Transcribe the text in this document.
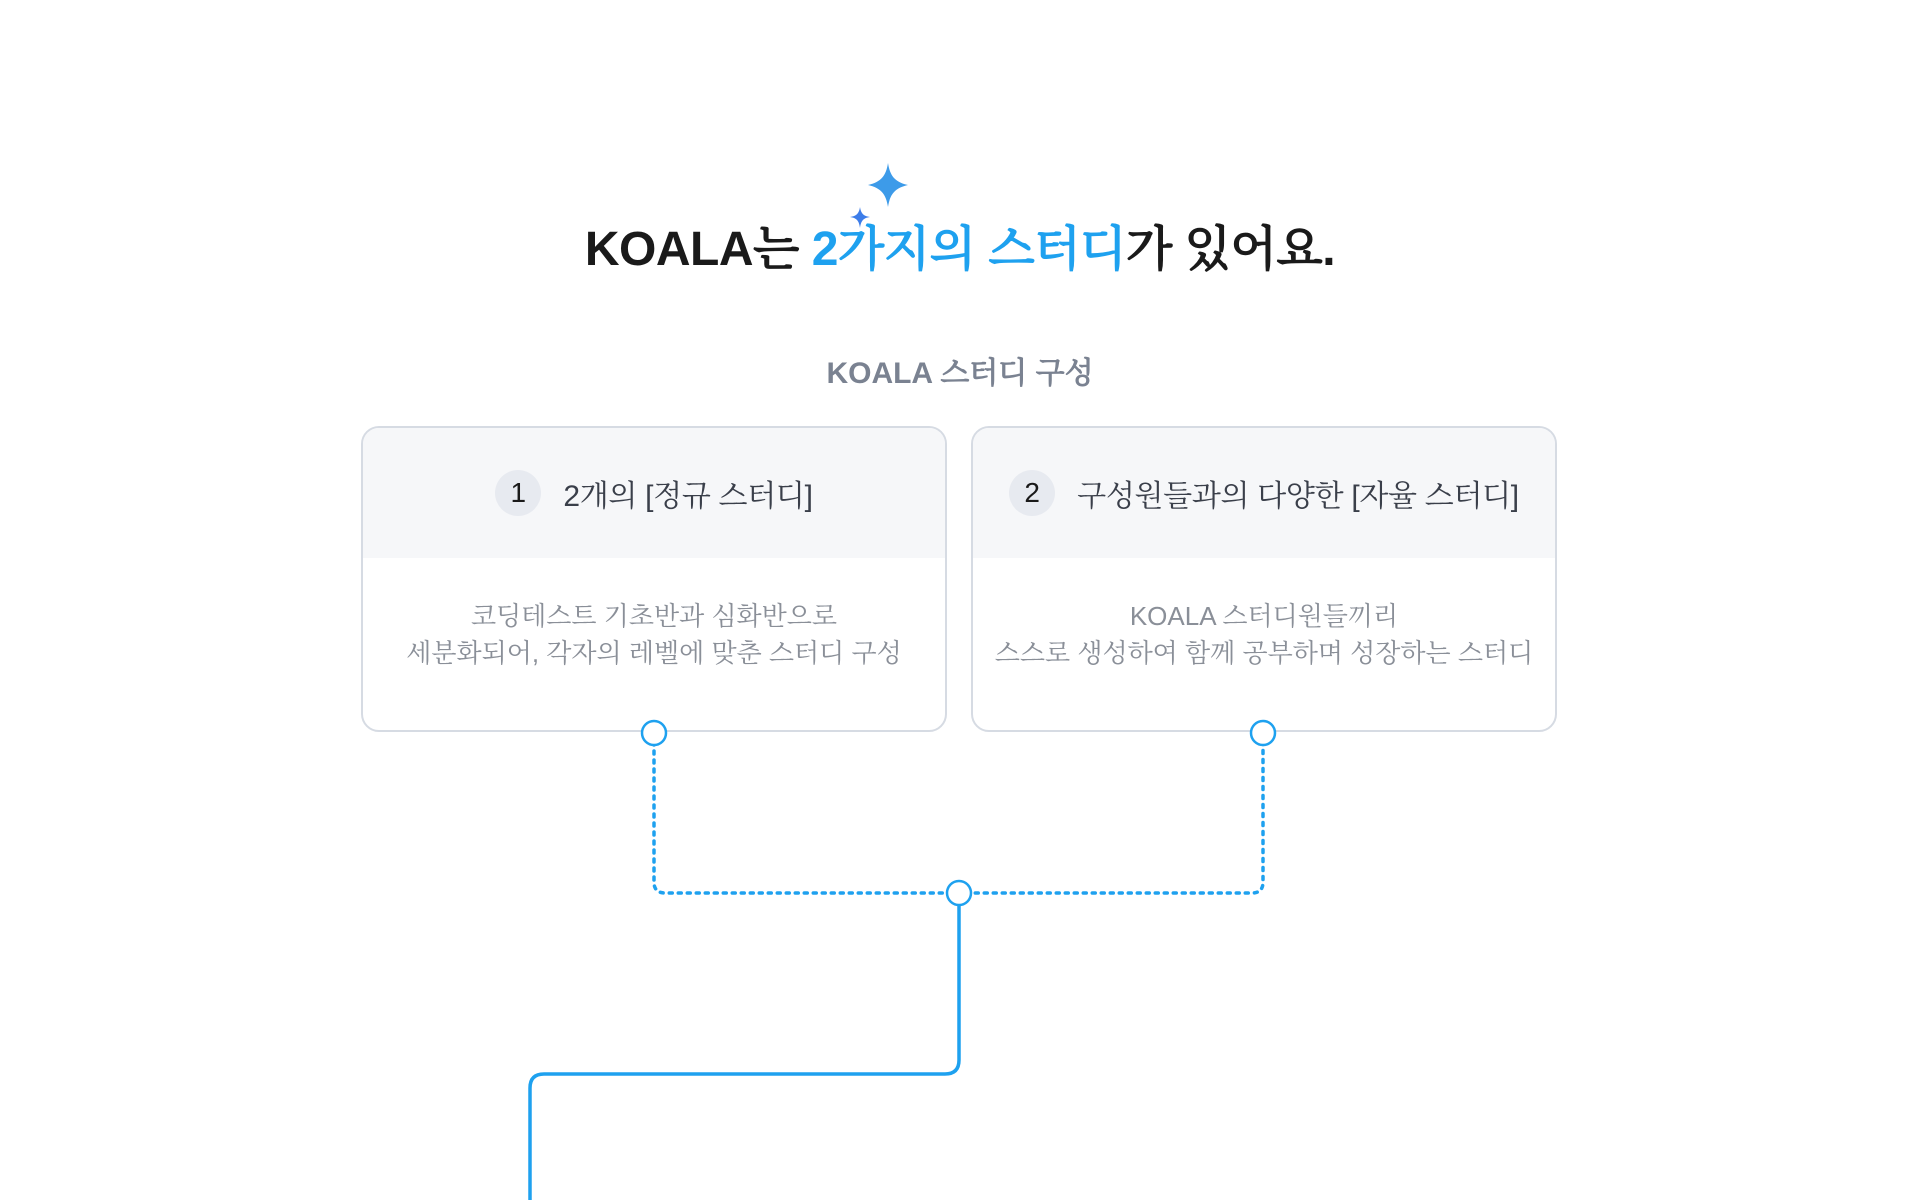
KOALA는 2가지의 스터디가 있어요.
KOALA 스터디 구성
1	2개의 [정규 스터디]
코딩테스트 기초반과 심화반으로
세분화되어, 각자의 레벨에 맞춘 스터디 구성
2	구성원들과의 다양한 [자율 스터디]
KOALA 스터디원들끼리
스스로 생성하여 함께 공부하며 성장하는 스터디
